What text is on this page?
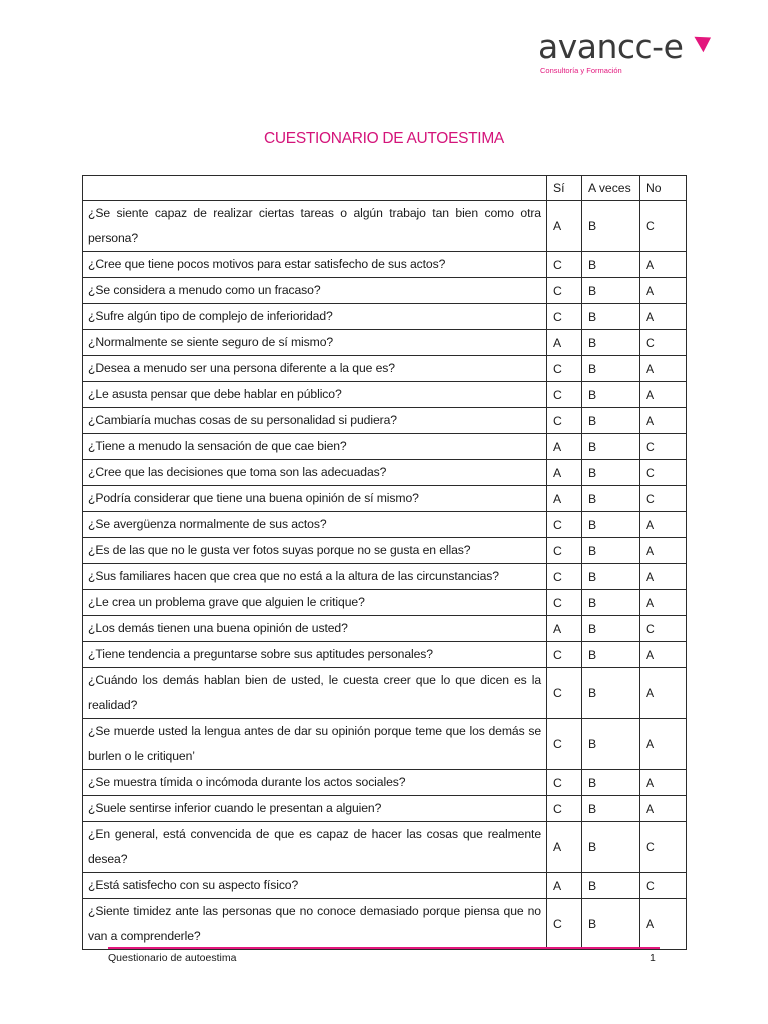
avancc-e
Consultoría y Formación
CUESTIONARIO DE AUTOESTIMA
	Sí	A veces	No
¿Se siente capaz de realizar ciertas tareas o algún trabajo tan bien como otra persona?	A	B	C
¿Cree que tiene pocos motivos para estar satisfecho de sus actos?	C	B	A
¿Se considera a menudo como un fracaso?	C	B	A
¿Sufre algún tipo de complejo de inferioridad?	C	B	A
¿Normalmente se siente seguro de sí mismo?	A	B	C
¿Desea a menudo ser una persona diferente a la que es?	C	B	A
¿Le asusta pensar que debe hablar en público?	C	B	A
¿Cambiaría muchas cosas de su personalidad si pudiera?	C	B	A
¿Tiene a menudo la sensación de que cae bien?	A	B	C
¿Cree que las decisiones que toma son las adecuadas?	A	B	C
¿Podría considerar que tiene una buena opinión de sí mismo?	A	B	C
¿Se avergüenza normalmente de sus actos?	C	B	A
¿Es de las que no le gusta ver fotos suyas porque no se gusta en ellas?	C	B	A
¿Sus familiares hacen que crea que no está a la altura de las circunstancias?	C	B	A
¿Le crea un problema grave que alguien le critique?	C	B	A
¿Los demás tienen una buena opinión de usted?	A	B	C
¿Tiene tendencia a preguntarse sobre sus aptitudes personales?	C	B	A
¿Cuándo los demás hablan bien de usted, le cuesta creer que lo que dicen es la realidad?	C	B	A
¿Se muerde usted la lengua antes de dar su opinión porque teme que los demás se burlen o le critiquen’	C	B	A
¿Se muestra tímida o incómoda durante los actos sociales?	C	B	A
¿Suele sentirse inferior cuando le presentan a alguien?	C	B	A
¿En general, está convencida de que es capaz de hacer las cosas que realmente desea?	A	B	C
¿Está satisfecho con su aspecto físico?	A	B	C
¿Siente timidez ante las personas que no conoce demasiado porque piensa que no van a comprenderle?	C	B	A
Questionario de autoestima	1
